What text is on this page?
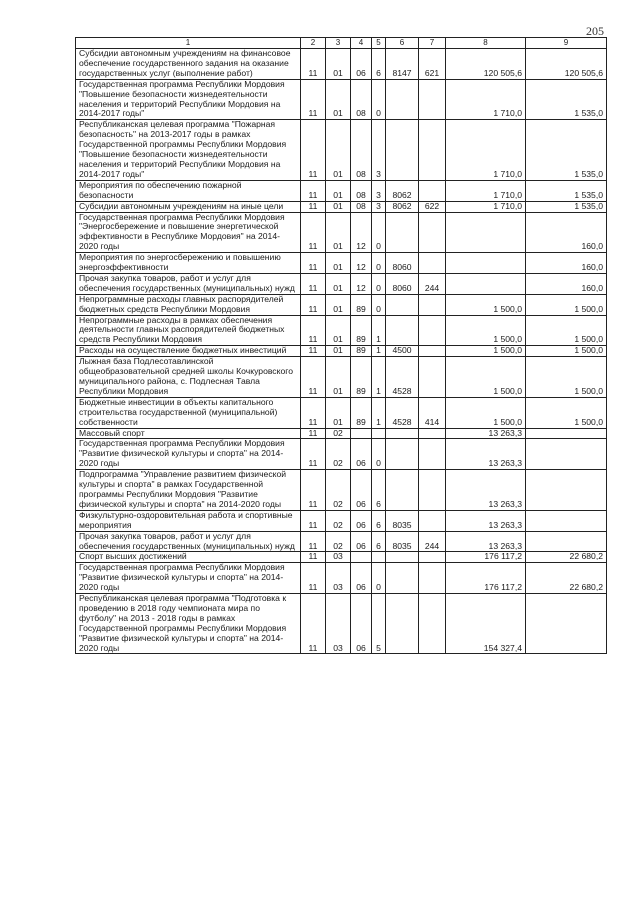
205
1	2	3	4	5	6	7	8	9
Субсидии автономным учреждениям на финансовое обеспечение государственного задания на оказание государственных услуг (выполнение работ)	11	01	06	6	8147	621	120 505,6	120 505,6
Государственная программа Республики Мордовия "Повышение безопасности жизнедеятельности населения и территорий Республики Мордовия на 2014-2017 годы"	11	01	08	0			1 710,0	1 535,0
Республиканская целевая программа "Пожарная безопасность" на 2013-2017 годы в рамках Государственной программы Республики Мордовия "Повышение безопасности жизнедеятельности населения и территорий Республики Мордовия на 2014-2017 годы"	11	01	08	3			1 710,0	1 535,0
Мероприятия по обеспечению пожарной безопасности	11	01	08	3	8062		1 710,0	1 535,0
Субсидии автономным учреждениям на иные цели	11	01	08	3	8062	622	1 710,0	1 535,0
Государственная программа Республики Мордовия "Энергосбережение и повышение энергетической эффективности в Республике Мордовия" на 2014-2020 годы	11	01	12	0				160,0
Мероприятия по энергосбережению и повышению энергоэффективности	11	01	12	0	8060			160,0
Прочая закупка товаров, работ и услуг для обеспечения государственных (муниципальных) нужд	11	01	12	0	8060	244		160,0
Непрограммные расходы главных распорядителей бюджетных средств Республики Мордовия	11	01	89	0			1 500,0	1 500,0
Непрограммные расходы в рамках обеспечения деятельности главных распорядителей бюджетных средств Республики Мордовия	11	01	89	1			1 500,0	1 500,0
Расходы на осуществление бюджетных инвестиций	11	01	89	1	4500		1 500,0	1 500,0
Лыжная база Подлесотавлинской общеобразовательной средней школы Кочкуровского муниципального района, с. Подлесная Тавла Республики Мордовия	11	01	89	1	4528		1 500,0	1 500,0
Бюджетные инвестиции в объекты капитального строительства государственной (муниципальной) собственности	11	01	89	1	4528	414	1 500,0	1 500,0
Массовый спорт	11	02					13 263,3	
Государственная программа Республики Мордовия "Развитие физической культуры и спорта" на 2014-2020 годы	11	02	06	0			13 263,3	
Подпрограмма "Управление развитием физической культуры и спорта" в рамках Государственной программы Республики Мордовия "Развитие физической культуры и спорта" на 2014-2020 годы	11	02	06	6			13 263,3	
Физкультурно-оздоровительная работа и спортивные мероприятия	11	02	06	6	8035		13 263,3	
Прочая закупка товаров, работ и услуг для обеспечения государственных (муниципальных) нужд	11	02	06	6	8035	244	13 263,3	
Спорт высших достижений	11	03					176 117,2	22 680,2
Государственная программа Республики Мордовия "Развитие физической культуры и спорта" на 2014-2020 годы	11	03	06	0			176 117,2	22 680,2
Республиканская целевая программа "Подготовка к проведению в 2018 году чемпионата мира по футболу" на 2013 - 2018 годы в рамках Государственной программы Республики Мордовия "Развитие физической культуры и спорта" на 2014-2020 годы	11	03	06	5			154 327,4	
